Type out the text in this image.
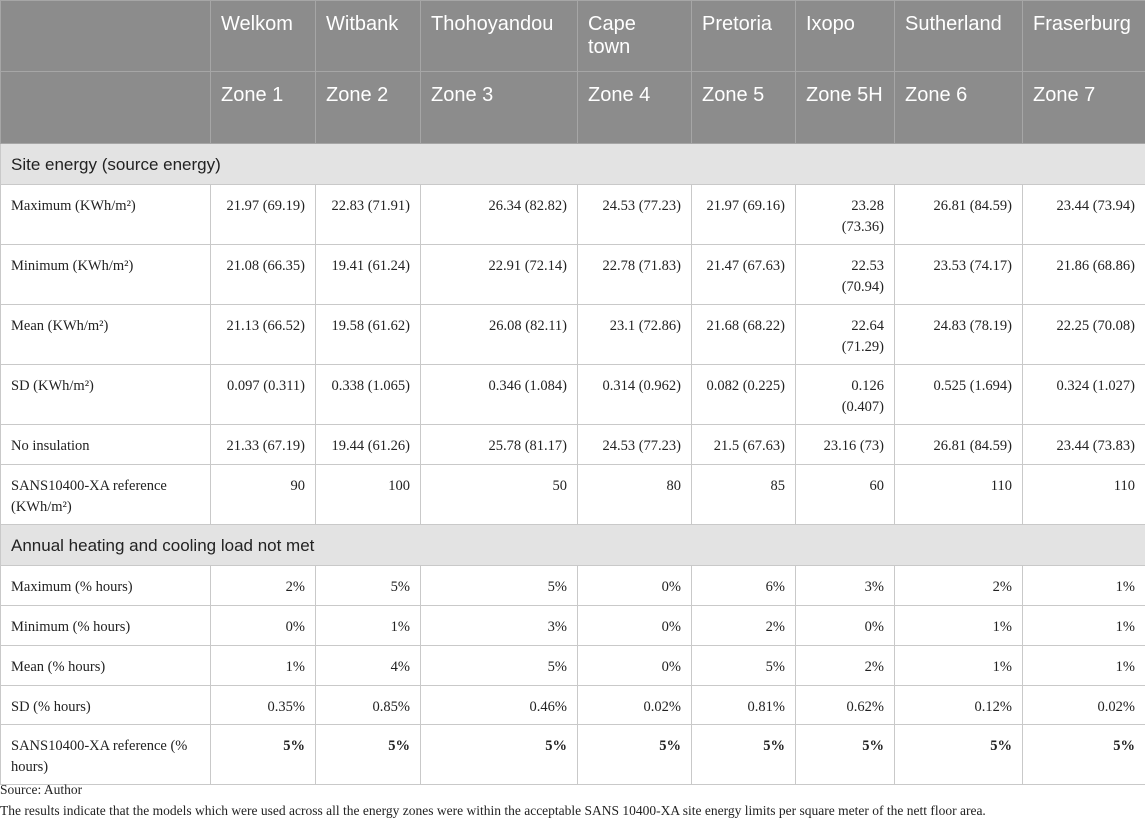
	Welkom	Witbank	Thohoyandou	Cape town	Pretoria	Ixopo	Sutherland	Fraserburg
	Zone 1	Zone 2	Zone 3	Zone 4	Zone 5	Zone 5H	Zone 6	Zone 7
Site energy (source energy)								
Maximum (KWh/m²)	21.97 (69.19)	22.83 (71.91)	26.34 (82.82)	24.53 (77.23)	21.97 (69.16)	23.28 (73.36)	26.81 (84.59)	23.44 (73.94)
Minimum (KWh/m²)	21.08 (66.35)	19.41 (61.24)	22.91 (72.14)	22.78 (71.83)	21.47 (67.63)	22.53 (70.94)	23.53 (74.17)	21.86 (68.86)
Mean (KWh/m²)	21.13 (66.52)	19.58 (61.62)	26.08 (82.11)	23.1 (72.86)	21.68 (68.22)	22.64 (71.29)	24.83 (78.19)	22.25 (70.08)
SD (KWh/m²)	0.097 (0.311)	0.338 (1.065)	0.346 (1.084)	0.314 (0.962)	0.082 (0.225)	0.126 (0.407)	0.525 (1.694)	0.324 (1.027)
No insulation	21.33 (67.19)	19.44 (61.26)	25.78 (81.17)	24.53 (77.23)	21.5 (67.63)	23.16 (73)	26.81 (84.59)	23.44 (73.83)
SANS10400-XA reference (KWh/m²)	90	100	50	80	85	60	110	110
Annual heating and cooling load not met								
Maximum (% hours)	2%	5%	5%	0%	6%	3%	2%	1%
Minimum (% hours)	0%	1%	3%	0%	2%	0%	1%	1%
Mean (% hours)	1%	4%	5%	0%	5%	2%	1%	1%
SD (% hours)	0.35%	0.85%	0.46%	0.02%	0.81%	0.62%	0.12%	0.02%
SANS10400-XA reference (% hours)	5%	5%	5%	5%	5%	5%	5%	5%
Source: Author
The results indicate that the models which were used across all the energy zones were within the acceptable SANS 10400-XA site energy limits per square meter of the nett floor area.
